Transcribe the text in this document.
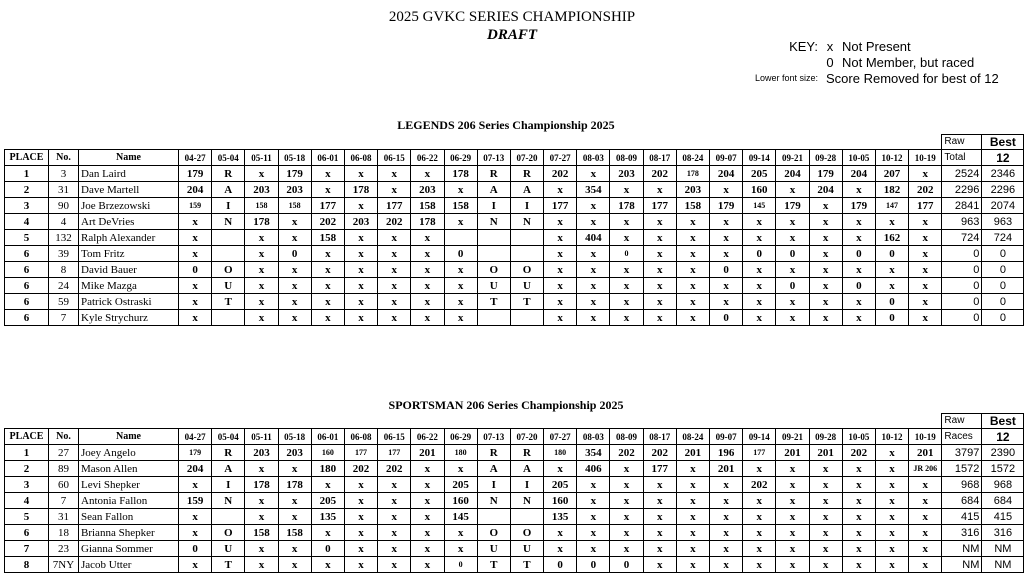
2025 GVKC SERIES CHAMPIONSHIP
DRAFT
KEY: x Not Present
0 Not Member, but raced
Lower font size: Score Removed for best of 12
LEGENDS 206 Series Championship 2025
																										Raw	Best
PLACE	No.	Name	04-27	05-04	05-11	05-18	06-01	06-08	06-15	06-22	06-29	07-13	07-20	07-27	08-03	08-09	08-17	08-24	09-07	09-14	09-21	09-28	10-05	10-12	10-19	Total	12
1	3	Dan Laird	179	R	x	179	x	x	x	x	178	R	R	202	x	203	202	178	204	205	204	179	204	207	x	2524	2346
2	31	Dave Martell	204	A	203	203	x	178	x	203	x	A	A	x	354	x	x	203	x	160	x	204	x	182	202	2296	2296
3	90	Joe Brzezowski	159	I	158	158	177	x	177	158	158	I	I	177	x	178	177	158	179	145	179	x	179	147	177	2841	2074
4	4	Art DeVries	x	N	178	x	202	203	202	178	x	N	N	x	x	x	x	x	x	x	x	x	x	x	x	963	963
5	132	Ralph Alexander	x		x	x	158	x	x	x				x	404	x	x	x	x	x	x	x	x	162	x	724	724
6	39	Tom Fritz	x		x	0	x	x	x	x	0			x	x	0	x	x	x	0	0	x	0	0	x	0	0
6	8	David Bauer	0	O	x	x	x	x	x	x	x	O	O	x	x	x	x	x	0	x	x	x	x	x	x	0	0
6	24	Mike Mazga	x	U	x	x	x	x	x	x	x	U	U	x	x	x	x	x	x	x	0	x	0	x	x	0	0
6	59	Patrick Ostraski	x	T	x	x	x	x	x	x	x	T	T	x	x	x	x	x	x	x	x	x	x	0	x	0	0
6	7	Kyle Strychurz	x		x	x	x	x	x	x	x			x	x	x	x	x	0	x	x	x	x	0	x	0	0
SPORTSMAN 206 Series Championship 2025
																										Raw	Best
PLACE	No.	Name	04-27	05-04	05-11	05-18	06-01	06-08	06-15	06-22	06-29	07-13	07-20	07-27	08-03	08-09	08-17	08-24	09-07	09-14	09-21	09-28	10-05	10-12	10-19	Races	12
1	27	Joey Angelo	179	R	203	203	160	177	177	201	180	R	R	180	354	202	202	201	196	177	201	201	202	x	201	3797	2390
2	89	Mason Allen	204	A	x	x	180	202	202	x	x	A	A	x	406	x	177	x	201	x	x	x	x	x	JR 206	1572	1572
3	60	Levi Shepker	x	I	178	178	x	x	x	x	205	I	I	205	x	x	x	x	x	202	x	x	x	x	x	968	968
4	7	Antonia Fallon	159	N	x	x	205	x	x	x	160	N	N	160	x	x	x	x	x	x	x	x	x	x	x	684	684
5	31	Sean Fallon	x		x	x	135	x	x	x	145			135	x	x	x	x	x	x	x	x	x	x	x	415	415
6	18	Brianna Shepker	x	O	158	158	x	x	x	x	x	O	O	x	x	x	x	x	x	x	x	x	x	x	x	316	316
7	23	Gianna Sommer	0	U	x	x	0	x	x	x	x	U	U	x	x	x	x	x	x	x	x	x	x	x	x	NM	NM
8	7NY	Jacob Utter	x	T	x	x	x	x	x	x	0	T	T	0	0	0	x	x	x	x	x	x	x	x	x	NM	NM
